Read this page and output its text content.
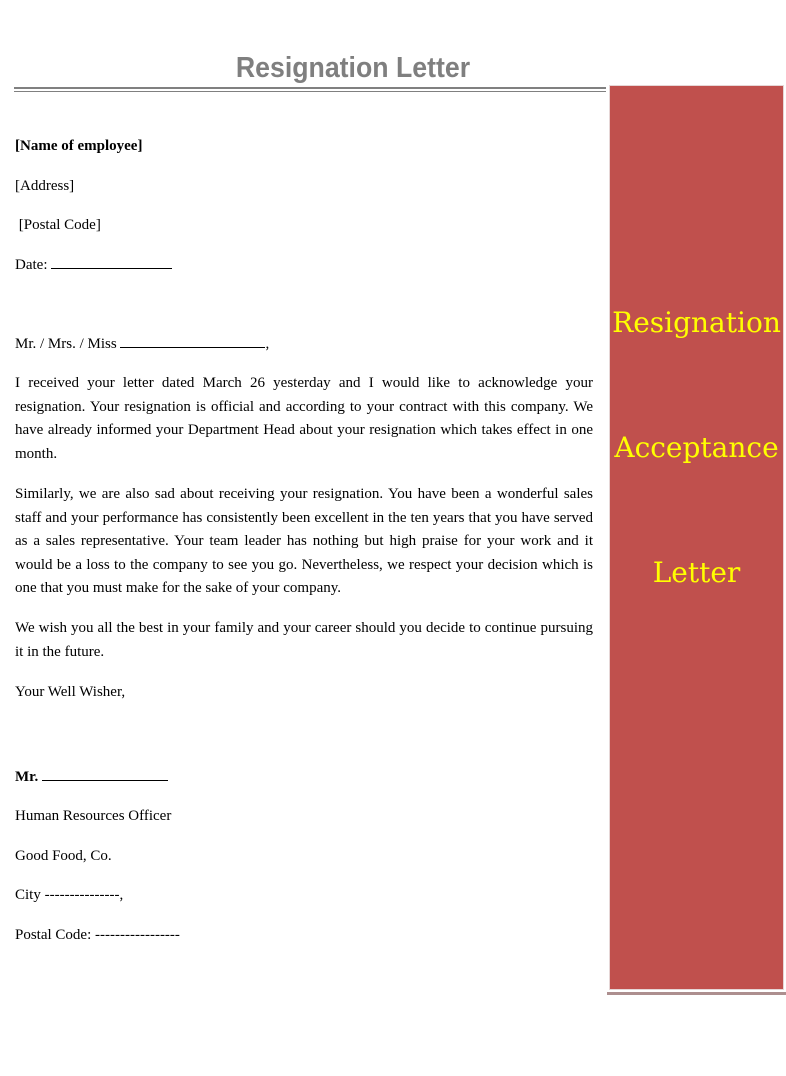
Resignation Letter
[Name of employee]
[Address]
[Postal Code]
Date:
Mr. / Mrs. / Miss	,
I received your letter dated March 26 yesterday and I would like to acknowledge your resignation. Your resignation is official and according to your contract with this company. We have already informed your Department Head about your resignation which takes effect in one month.
Similarly, we are also sad about receiving your resignation. You have been a wonderful sales staff and your performance has consistently been excellent in the ten years that you have served as a sales representative. Your team leader has nothing but high praise for your work and it would be a loss to the company to see you go. Nevertheless, we respect your decision which is one that you must make for the sake of your company.
We wish you all the best in your family and your career should you decide to continue pursuing it in the future.
Your Well Wisher,
Mr.
Human Resources Officer
Good Food, Co.
City ---------------,
Postal Code: -----------------
Resignation
Acceptance
Letter
